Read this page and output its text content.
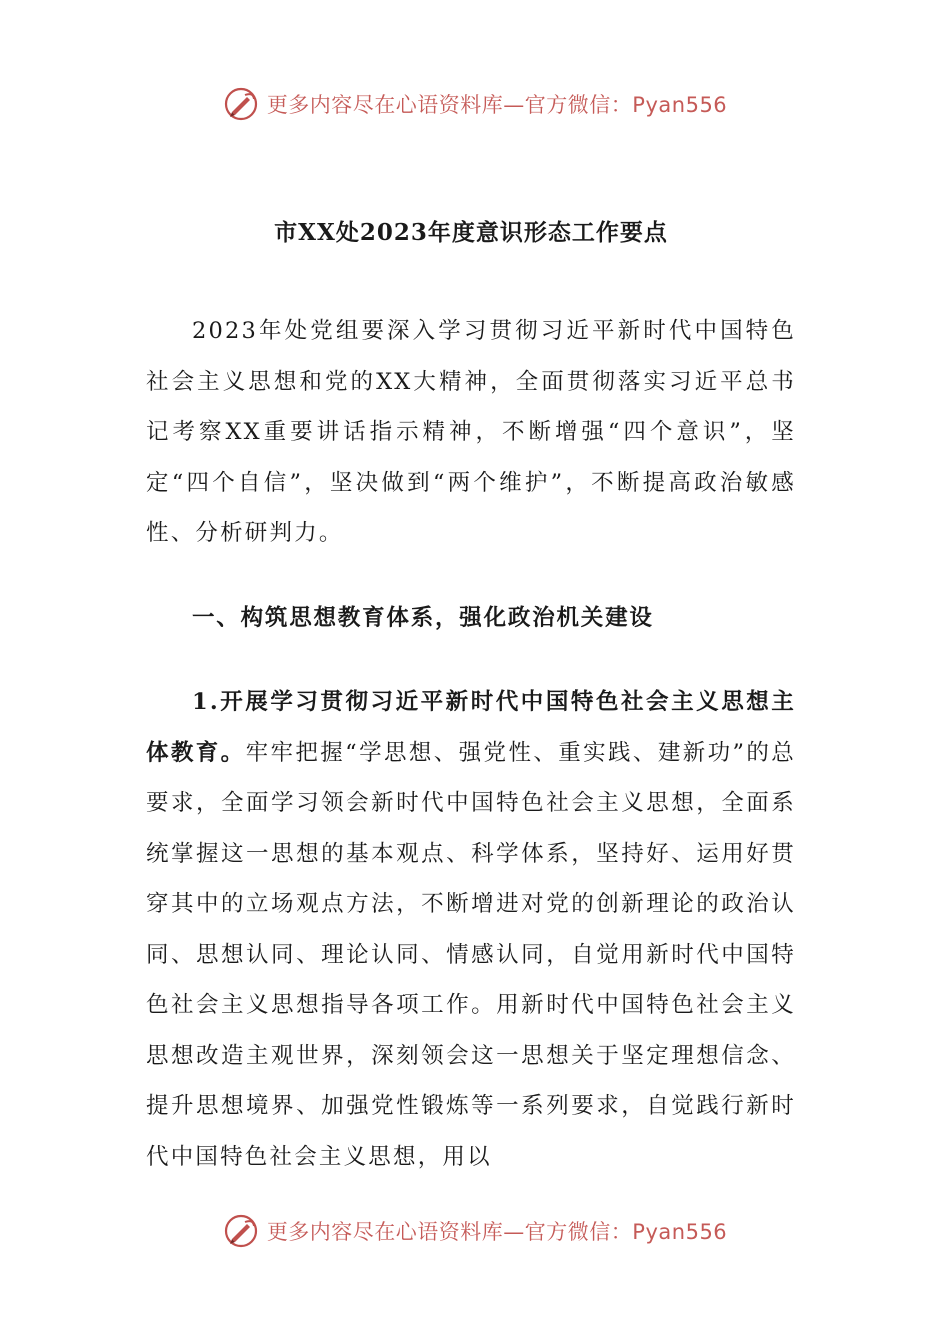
更多内容尽在心语资料库—官方微信：Pyan556
市XX处2023年度意识形态工作要点

2023年处党组要深入学习贯彻习近平新时代中国特色社会主义思想和党的XX大精神，全面贯彻落实习近平总书记考察XX重要讲话指示精神，不断增强“四个意识”，坚定“四个自信”，坚决做到“两个维护”，不断提高政治敏感性、分析研判力。

一、构筑思想教育体系，强化政治机关建设

1.开展学习贯彻习近平新时代中国特色社会主义思想主体教育。牢牢把握“学思想、强党性、重实践、建新功”的总要求，全面学习领会新时代中国特色社会主义思想，全面系统掌握这一思想的基本观点、科学体系，坚持好、运用好贯穿其中的立场观点方法，不断增进对党的创新理论的政治认同、思想认同、理论认同、情感认同，自觉用新时代中国特色社会主义思想指导各项工作。用新时代中国特色社会主义思想改造主观世界，深刻领会这一思想关于坚定理想信念、提升思想境界、加强党性锻炼等一系列要求，自觉践行新时代中国特色社会主义思想，用以

更多内容尽在心语资料库—官方微信：Pyan556
